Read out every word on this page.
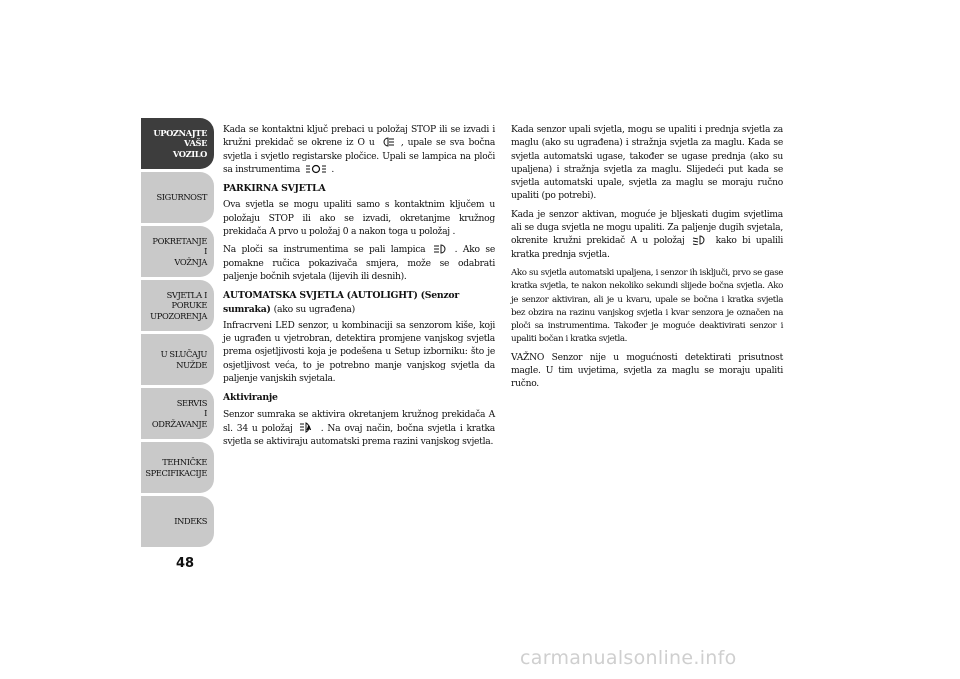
UPOZNAJTE
VAŠE
VOZILO
SIGURNOST
POKRETANJE
I
VOŽNJA
SVJETLA I
PORUKE
UPOZORENJA
U SLUČAJU
NUŽDE
SERVIS
I
ODRŽAVANJE
TEHNIČKE
SPECIFIKACIJE
INDEKS
48

Kada se kontaktni ključ prebaci u položaj STOP ili se izvadi i kružni prekidač se okrene iz O u	, upale se sva bočna svjetla i svjetlo registarske pločice. Upali se lampica na ploči sa instrumentima	.

PARKIRNA SVJETLA

Ova svjetla se mogu upaliti samo s kontaktnim ključem u položaju STOP ili ako se izvadi, okretanjme kružnog prekidača A prvo u položaj 0 a nakon toga u položaj .

Na ploči sa instrumentima se pali lampica	. Ako se pomakne ručica pokazivača smjera, može se odabrati paljenje bočnih svjetala (lijevih ili desnih).

AUTOMATSKA SVJETLA (AUTOLIGHT) (Senzor sumraka) (ako su ugrađena)

Infracrveni LED senzor, u kombinaciji sa senzorom kiše, koji je ugrađen u vjetrobran, detektira promjene vanjskog svjetla prema osjetljivosti koja je podešena u Setup izborniku: što je osjetljivost veća, to je potrebno manje vanjskog svjetla da paljenje vanjskih svjetala.

Aktiviranje

Senzor sumraka se aktivira okretanjem kružnog prekidača A sl. 34 u položaj A . Na ovaj način, bočna svjetla i kratka svjetla se aktiviraju automatski prema razini vanjskog svjetla.

Kada senzor upali svjetla, mogu se upaliti i prednja svjetla za maglu (ako su ugrađena) i stražnja svjetla za maglu. Kada se svjetla automatski ugase, također se ugase prednja (ako su upaljena) i stražnja svjetla za maglu. Slijedeći put kada se svjetla automatski upale, svjetla za maglu se moraju ručno upaliti (po potrebi).

Kada je senzor aktivan, moguće je bljeskati dugim svjetlima ali se duga svjetla ne mogu upaliti. Za paljenje dugih svjetala, okrenite kružni prekidač A u položaj	kako bi upalili kratka prednja svjetla.

Ako su svjetla automatski upaljena, i senzor ih isključi, prvo se gase kratka svjetla, te nakon nekoliko sekundi slijede bočna svjetla. Ako je senzor aktiviran, ali je u kvaru, upale se bočna i kratka svjetla bez obzira na razinu vanjskog svjetla i kvar senzora je označen na ploči sa instrumentima. Također je moguće deaktivirati senzor i upaliti bočan i kratka svjetla.

VAŽNO Senzor nije u mogućnosti detektirati prisutnost magle. U tim uvjetima, svjetla za maglu se moraju upaliti ručno.

carmanualsonline.info
